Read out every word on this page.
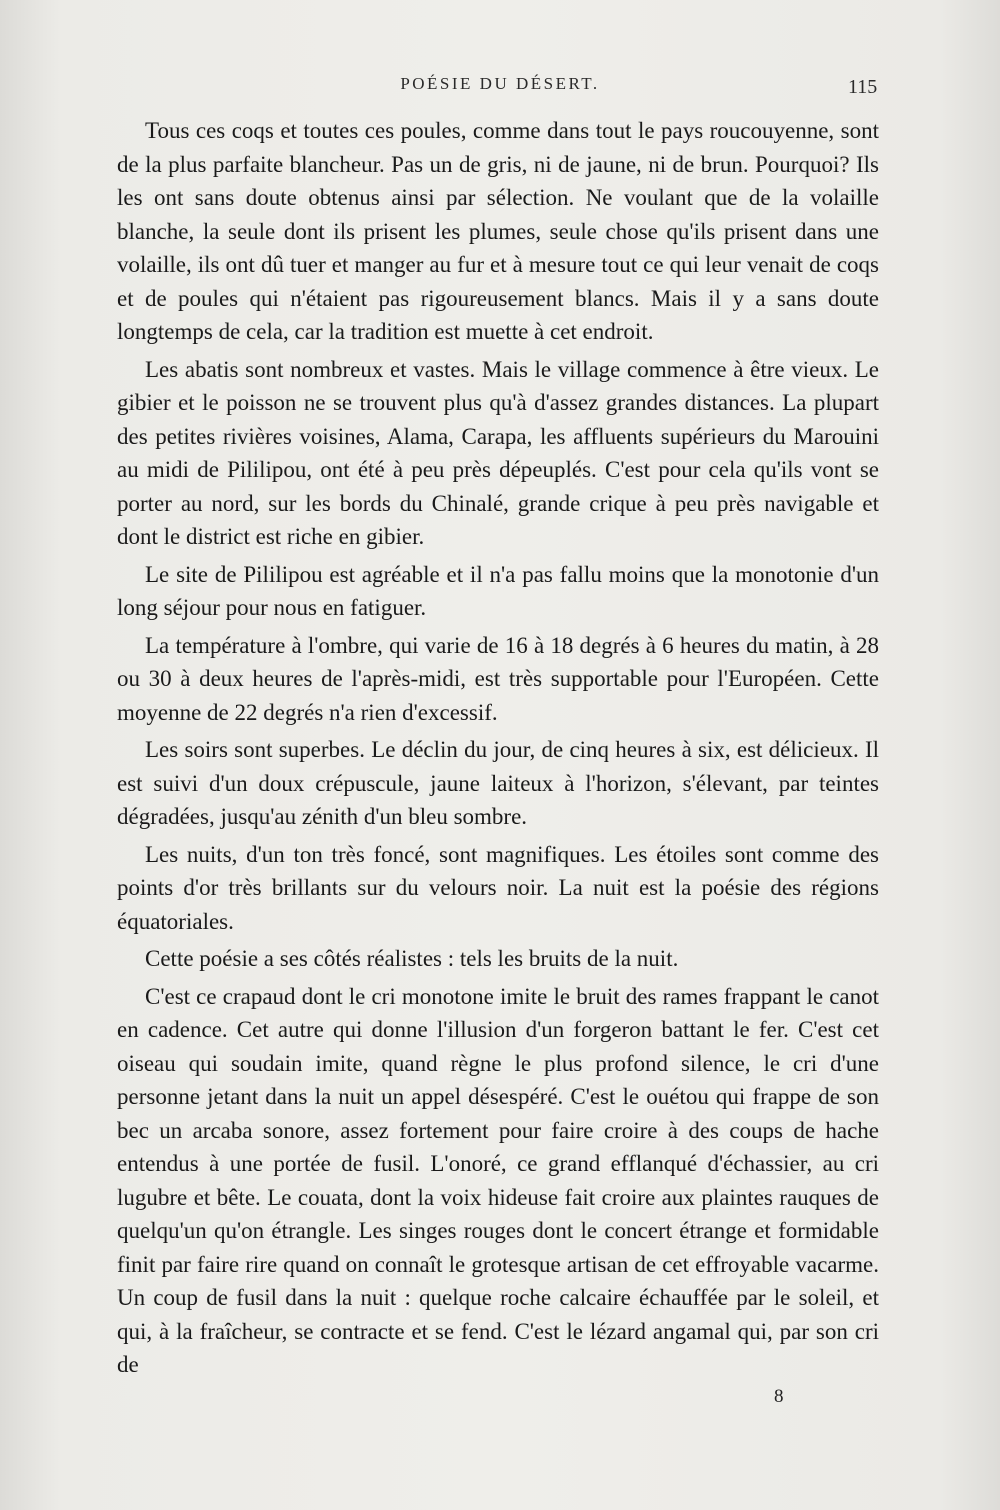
POÉSIE DU DÉSERT.	115

Tous ces coqs et toutes ces poules, comme dans tout le pays roucouyenne, sont de la plus parfaite blancheur. Pas un de gris, ni de jaune, ni de brun. Pourquoi? Ils les ont sans doute obtenus ainsi par sélection. Ne voulant que de la volaille blanche, la seule dont ils prisent les plumes, seule chose qu'ils prisent dans une volaille, ils ont dû tuer et manger au fur et à mesure tout ce qui leur venait de coqs et de poules qui n'étaient pas rigoureusement blancs. Mais il y a sans doute longtemps de cela, car la tradition est muette à cet endroit.

Les abatis sont nombreux et vastes. Mais le village commence à être vieux. Le gibier et le poisson ne se trouvent plus qu'à d'assez grandes distances. La plupart des petites rivières voisines, Alama, Carapa, les affluents supérieurs du Marouini au midi de Pililipou, ont été à peu près dépeuplés. C'est pour cela qu'ils vont se porter au nord, sur les bords du Chinalé, grande crique à peu près navigable et dont le district est riche en gibier.

Le site de Pililipou est agréable et il n'a pas fallu moins que la monotonie d'un long séjour pour nous en fatiguer.

La température à l'ombre, qui varie de 16 à 18 degrés à 6 heures du matin, à 28 ou 30 à deux heures de l'après-midi, est très supportable pour l'Européen. Cette moyenne de 22 degrés n'a rien d'excessif.

Les soirs sont superbes. Le déclin du jour, de cinq heures à six, est délicieux. Il est suivi d'un doux crépuscule, jaune laiteux à l'horizon, s'élevant, par teintes dégradées, jusqu'au zénith d'un bleu sombre.

Les nuits, d'un ton très foncé, sont magnifiques. Les étoiles sont comme des points d'or très brillants sur du velours noir. La nuit est la poésie des régions équatoriales.

Cette poésie a ses côtés réalistes : tels les bruits de la nuit.

C'est ce crapaud dont le cri monotone imite le bruit des rames frappant le canot en cadence. Cet autre qui donne l'illusion d'un forgeron battant le fer. C'est cet oiseau qui soudain imite, quand règne le plus profond silence, le cri d'une personne jetant dans la nuit un appel désespéré. C'est le ouétou qui frappe de son bec un arcaba sonore, assez fortement pour faire croire à des coups de hache entendus à une portée de fusil. L'onoré, ce grand efflanqué d'échassier, au cri lugubre et bête. Le couata, dont la voix hideuse fait croire aux plaintes rauques de quelqu'un qu'on étrangle. Les singes rouges dont le concert étrange et formidable finit par faire rire quand on connaît le grotesque artisan de cet effroyable vacarme. Un coup de fusil dans la nuit : quelque roche calcaire échauffée par le soleil, et qui, à la fraîcheur, se contracte et se fend. C'est le lézard angamal qui, par son cri de

8
